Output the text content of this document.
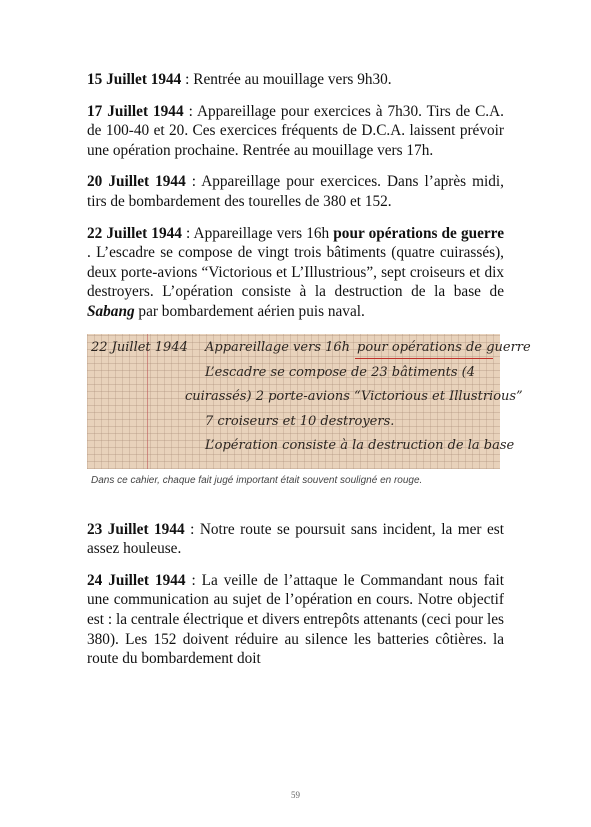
15 Juillet 1944 : Rentrée au mouillage vers 9h30.

17 Juillet 1944 : Appareillage pour exercices à 7h30. Tirs de C.A. de 100-40 et 20. Ces exercices fréquents de D.C.A. laissent prévoir une opération prochaine. Rentrée au mouillage vers 17h.

20 Juillet 1944 : Appareillage pour exercices. Dans l’après midi, tirs de bombardement des tourelles de 380 et 152.

22 Juillet 1944 : Appareillage vers 16h pour opérations de guerre . L’escadre se compose de vingt trois bâtiments (quatre cuirassés), deux porte-avions “Victorious et L’Illustrious”, sept croiseurs et dix destroyers. L’opération consiste à la destruction de la base de Sabang par bombardement aérien puis naval.

22 Juillet 1944 Appareillage vers 16h pour opérations de guerre
L’escadre se compose de 23 bâtiments (4
cuirassés) 2 porte-avions “Victorious et Illustrious”
7 croiseurs et 10 destroyers.
L’opération consiste à la destruction de la base
Dans ce cahier, chaque fait jugé important était souvent souligné en rouge.

23 Juillet 1944 : Notre route se poursuit sans incident, la mer est assez houleuse.

24 Juillet 1944 : La veille de l’attaque le Commandant nous fait une communication au sujet de l’opération en cours. Notre objectif est : la centrale électrique et divers entrepôts attenants (ceci pour les 380). Les 152 doivent réduire au silence les batteries côtières. la route du bombardement doit

59
